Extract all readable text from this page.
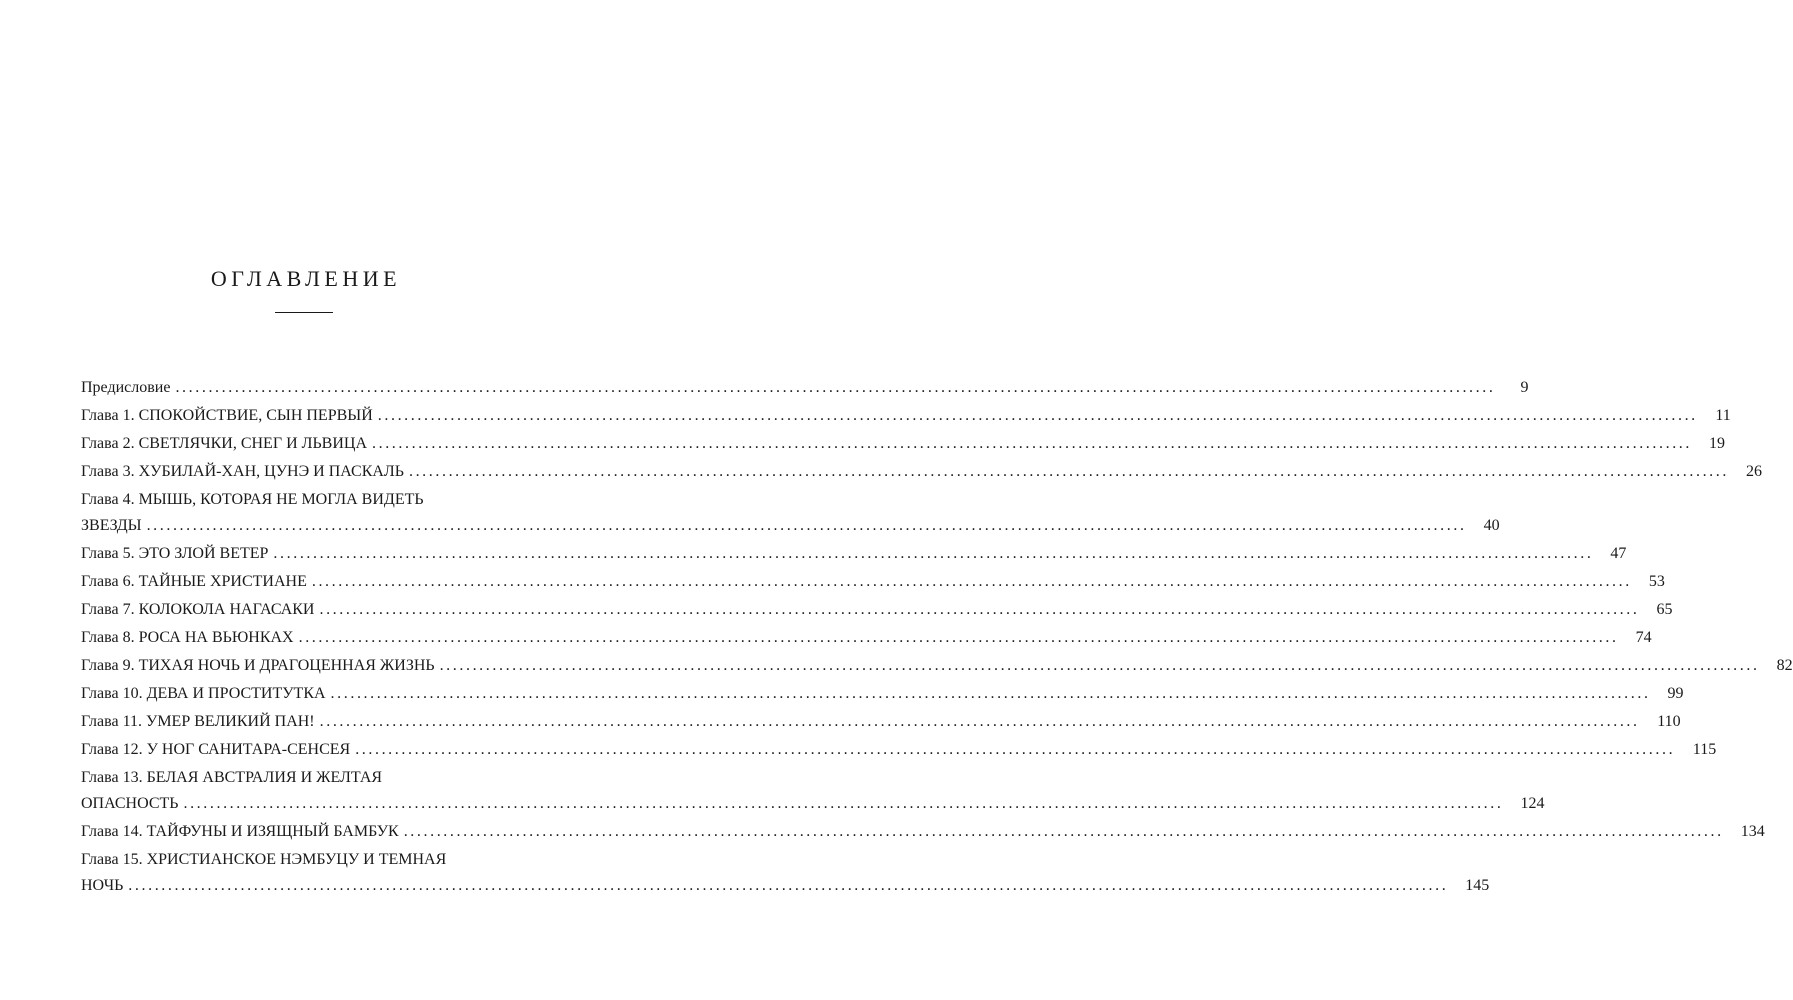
ОГЛАВЛЕНИЕ
Предисловие ........................................................................................................................................................................................................	9
Глава 1. СПОКОЙСТВИЕ, СЫН ПЕРВЫЙ ........................................................................................................................................................................................................	11
Глава 2. СВЕТЛЯЧКИ, СНЕГ И ЛЬВИЦА ........................................................................................................................................................................................................	19
Глава 3. ХУБИЛАЙ-ХАН, ЦУНЭ И ПАСКАЛЬ ........................................................................................................................................................................................................	26
Глава 4. МЫШЬ, КОТОРАЯ НЕ МОГЛА ВИДЕТЬ
ЗВЕЗДЫ ........................................................................................................................................................................................................	40
Глава 5. ЭТО ЗЛОЙ ВЕТЕР ........................................................................................................................................................................................................	47
Глава 6. ТАЙНЫЕ ХРИСТИАНЕ ........................................................................................................................................................................................................	53
Глава 7. КОЛОКОЛА НАГАСАКИ ........................................................................................................................................................................................................	65
Глава 8. РОСА НА ВЬЮНКАХ ........................................................................................................................................................................................................	74
Глава 9. ТИХАЯ НОЧЬ И ДРАГОЦЕННАЯ ЖИЗНЬ ........................................................................................................................................................................................................	82
Глава 10. ДЕВА И ПРОСТИТУТКА ........................................................................................................................................................................................................	99
Глава 11. УМЕР ВЕЛИКИЙ ПАН! ........................................................................................................................................................................................................	110
Глава 12. У НОГ САНИТАРА-СЕНСЕЯ ........................................................................................................................................................................................................	115
Глава 13. БЕЛАЯ АВСТРАЛИЯ И ЖЕЛТАЯ
ОПАСНОСТЬ ........................................................................................................................................................................................................	124
Глава 14. ТАЙФУНЫ И ИЗЯЩНЫЙ БАМБУК ........................................................................................................................................................................................................	134
Глава 15. ХРИСТИАНСКОЕ НЭМБУЦУ И ТЕМНАЯ
НОЧЬ ........................................................................................................................................................................................................	145
